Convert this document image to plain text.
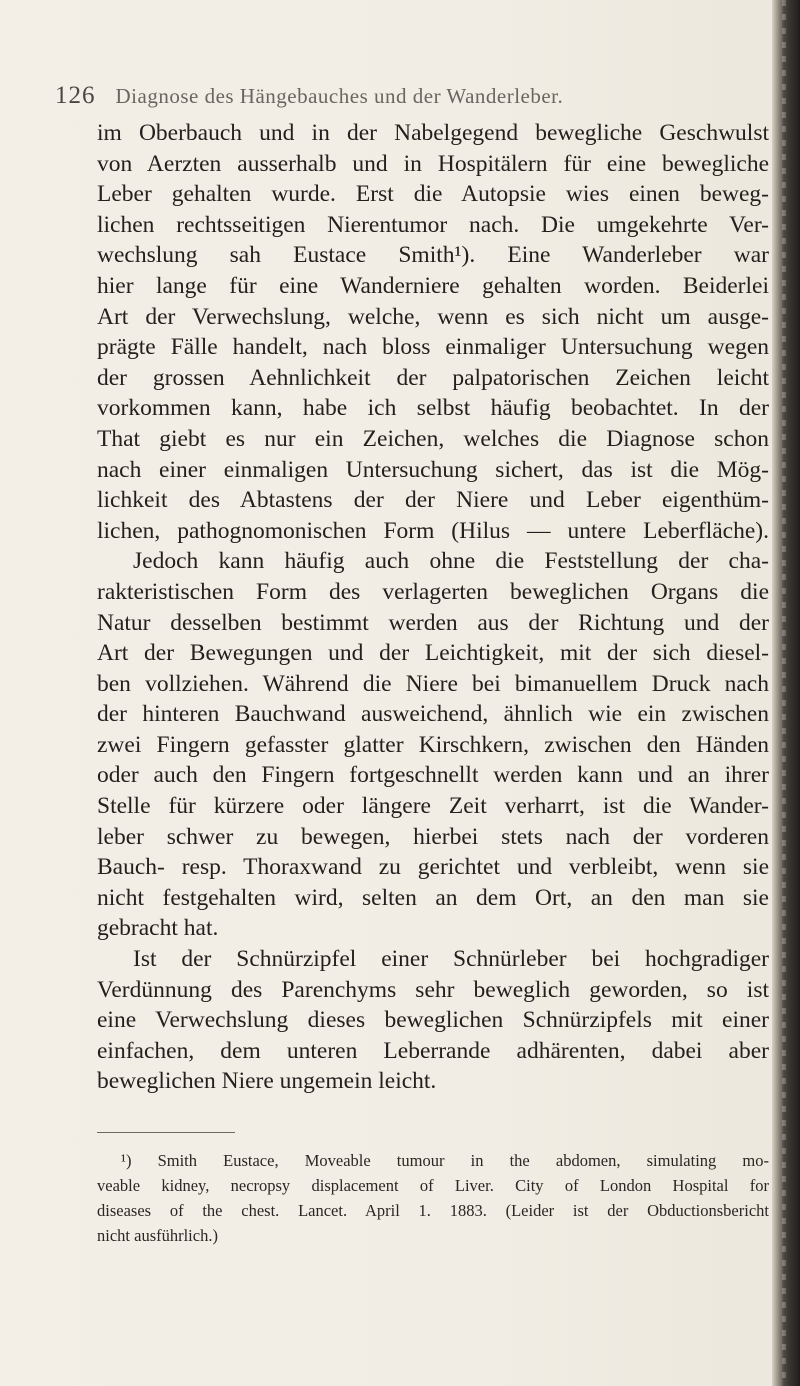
126 Diagnose des Hängebauches und der Wanderleber.
im Oberbauch und in der Nabelgegend bewegliche Geschwulst
von Aerzten ausserhalb und in Hospitälern für eine bewegliche
Leber gehalten wurde. Erst die Autopsie wies einen beweg-
lichen rechtsseitigen Nierentumor nach. Die umgekehrte Ver-
wechslung sah Eustace Smith¹). Eine Wanderleber war
hier lange für eine Wanderniere gehalten worden. Beiderlei
Art der Verwechslung, welche, wenn es sich nicht um ausge-
prägte Fälle handelt, nach bloss einmaliger Untersuchung wegen
der grossen Aehnlichkeit der palpatorischen Zeichen leicht
vorkommen kann, habe ich selbst häufig beobachtet. In der
That giebt es nur ein Zeichen, welches die Diagnose schon
nach einer einmaligen Untersuchung sichert, das ist die Mög-
lichkeit des Abtastens der der Niere und Leber eigenthüm-
lichen, pathognomonischen Form (Hilus — untere Leberfläche).
Jedoch kann häufig auch ohne die Feststellung der cha-
rakteristischen Form des verlagerten beweglichen Organs die
Natur desselben bestimmt werden aus der Richtung und der
Art der Bewegungen und der Leichtigkeit, mit der sich diesel-
ben vollziehen. Während die Niere bei bimanuellem Druck nach
der hinteren Bauchwand ausweichend, ähnlich wie ein zwischen
zwei Fingern gefasster glatter Kirschkern, zwischen den Händen
oder auch den Fingern fortgeschnellt werden kann und an ihrer
Stelle für kürzere oder längere Zeit verharrt, ist die Wander-
leber schwer zu bewegen, hierbei stets nach der vorderen
Bauch- resp. Thoraxwand zu gerichtet und verbleibt, wenn sie
nicht festgehalten wird, selten an dem Ort, an den man sie
gebracht hat.
Ist der Schnürzipfel einer Schnürleber bei hochgradiger
Verdünnung des Parenchyms sehr beweglich geworden, so ist
eine Verwechslung dieses beweglichen Schnürzipfels mit einer
einfachen, dem unteren Leberrande adhärenten, dabei aber
beweglichen Niere ungemein leicht.
¹) Smith Eustace, Moveable tumour in the abdomen, simulating mo-
veable kidney, necropsy displacement of Liver. City of London Hospital for
diseases of the chest. Lancet. April 1. 1883. (Leider ist der Obductionsbericht
nicht ausführlich.)
